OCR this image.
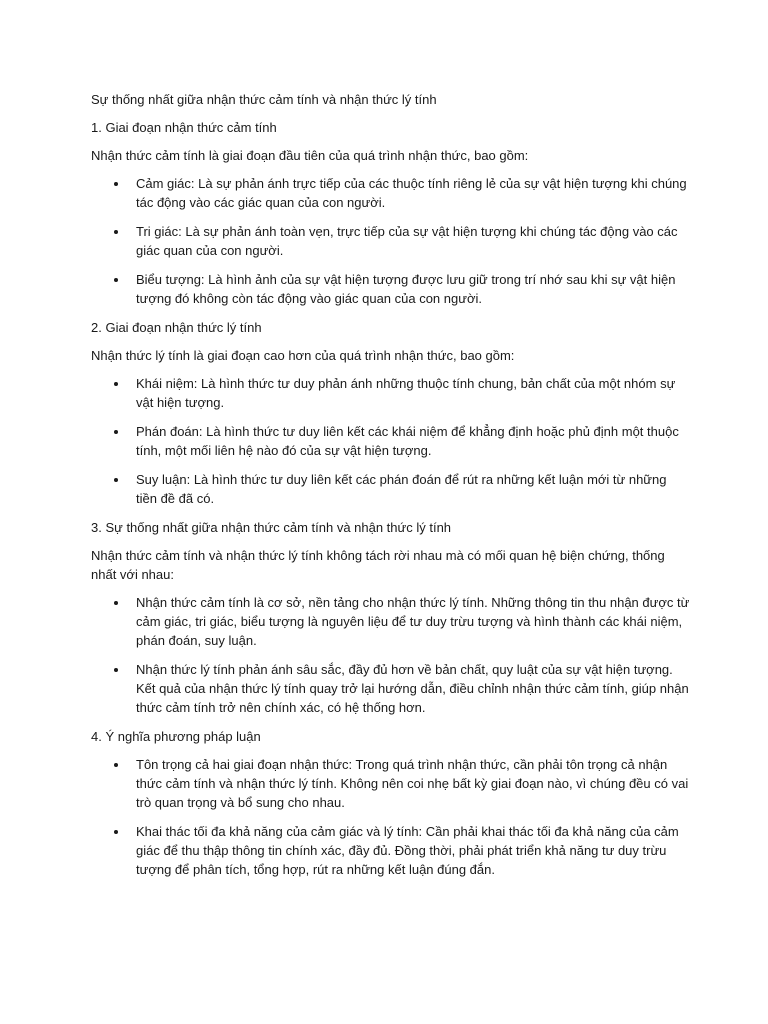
Sự thống nhất giữa nhận thức cảm tính và nhận thức lý tính

1. Giai đoạn nhận thức cảm tính

Nhận thức cảm tính là giai đoạn đầu tiên của quá trình nhận thức, bao gồm:

Cảm giác: Là sự phản ánh trực tiếp của các thuộc tính riêng lẻ của sự vật hiện tượng khi chúng tác động vào các giác quan của con người.
Tri giác: Là sự phản ánh toàn vẹn, trực tiếp của sự vật hiện tượng khi chúng tác động vào các giác quan của con người.
Biểu tượng: Là hình ảnh của sự vật hiện tượng được lưu giữ trong trí nhớ sau khi sự vật hiện tượng đó không còn tác động vào giác quan của con người.

2. Giai đoạn nhận thức lý tính

Nhận thức lý tính là giai đoạn cao hơn của quá trình nhận thức, bao gồm:

Khái niệm: Là hình thức tư duy phản ánh những thuộc tính chung, bản chất của một nhóm sự vật hiện tượng.
Phán đoán: Là hình thức tư duy liên kết các khái niệm để khẳng định hoặc phủ định một thuộc tính, một mối liên hệ nào đó của sự vật hiện tượng.
Suy luận: Là hình thức tư duy liên kết các phán đoán để rút ra những kết luận mới từ những tiền đề đã có.

3. Sự thống nhất giữa nhận thức cảm tính và nhận thức lý tính

Nhận thức cảm tính và nhận thức lý tính không tách rời nhau mà có mối quan hệ biện chứng, thống nhất với nhau:

Nhận thức cảm tính là cơ sở, nền tảng cho nhận thức lý tính. Những thông tin thu nhận được từ cảm giác, tri giác, biểu tượng là nguyên liệu để tư duy trừu tượng và hình thành các khái niệm, phán đoán, suy luận.
Nhận thức lý tính phản ánh sâu sắc, đầy đủ hơn về bản chất, quy luật của sự vật hiện tượng. Kết quả của nhận thức lý tính quay trở lại hướng dẫn, điều chỉnh nhận thức cảm tính, giúp nhận thức cảm tính trở nên chính xác, có hệ thống hơn.

4. Ý nghĩa phương pháp luận

Tôn trọng cả hai giai đoạn nhận thức: Trong quá trình nhận thức, cần phải tôn trọng cả nhận thức cảm tính và nhận thức lý tính. Không nên coi nhẹ bất kỳ giai đoạn nào, vì chúng đều có vai trò quan trọng và bổ sung cho nhau.
Khai thác tối đa khả năng của cảm giác và lý tính: Cần phải khai thác tối đa khả năng của cảm giác để thu thập thông tin chính xác, đầy đủ. Đồng thời, phải phát triển khả năng tư duy trừu tượng để phân tích, tổng hợp, rút ra những kết luận đúng đắn.
